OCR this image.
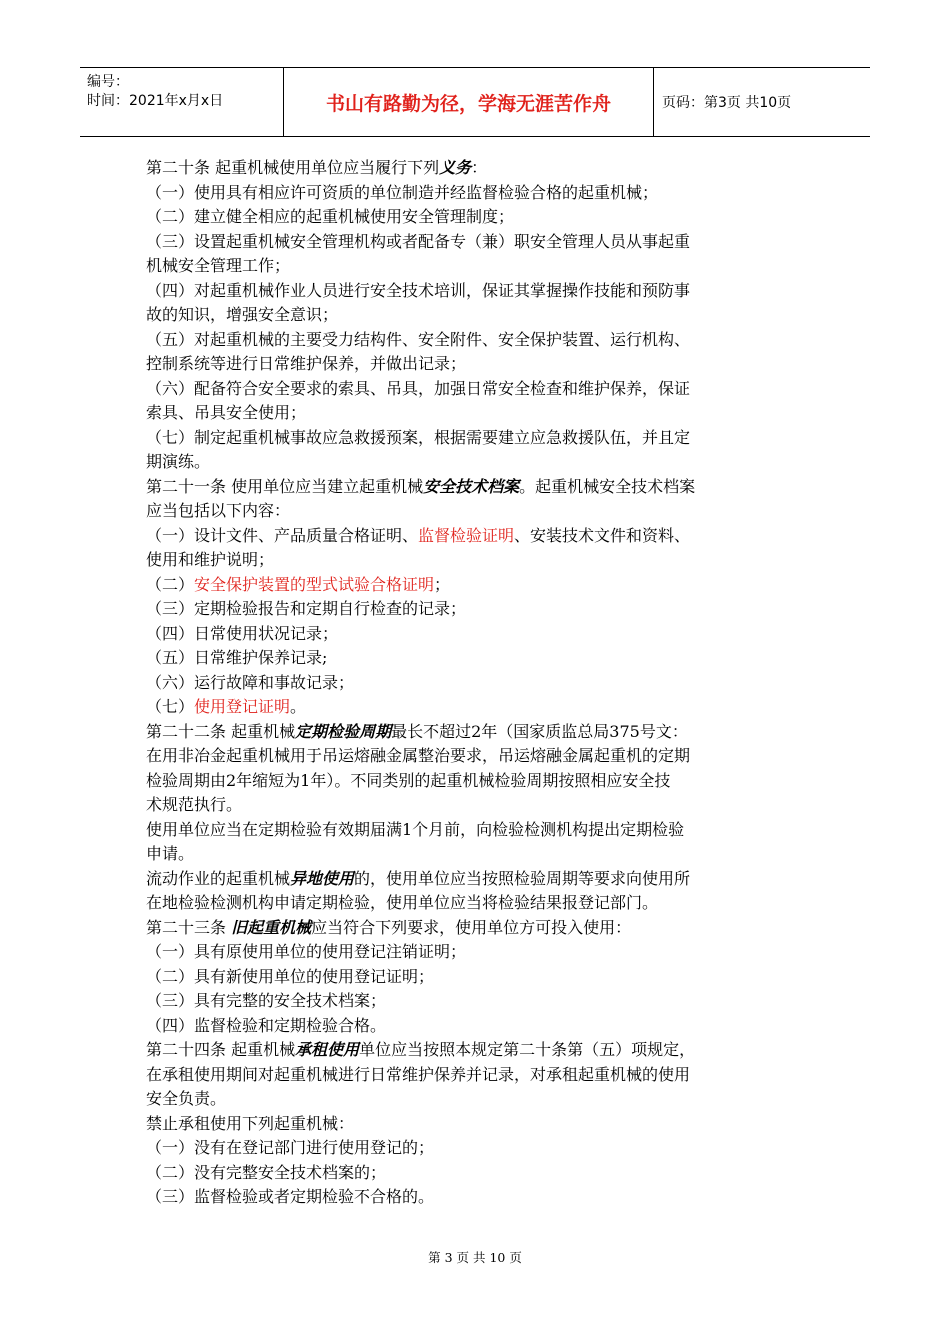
编号：
时间：2021年x月x日	书山有路勤为径，学海无涯苦作舟	页码：第3页 共10页

第二十条 起重机械使用单位应当履行下列义务：

（一）使用具有相应许可资质的单位制造并经监督检验合格的起重机械；

（二）建立健全相应的起重机械使用安全管理制度；

（三）设置起重机械安全管理机构或者配备专（兼）职安全管理人员从事起重

机械安全管理工作；

（四）对起重机械作业人员进行安全技术培训，保证其掌握操作技能和预防事

故的知识，增强安全意识；

（五）对起重机械的主要受力结构件、安全附件、安全保护装置、运行机构、

控制系统等进行日常维护保养，并做出记录；

（六）配备符合安全要求的索具、吊具，加强日常安全检查和维护保养，保证

索具、吊具安全使用；

（七）制定起重机械事故应急救援预案，根据需要建立应急救援队伍，并且定

期演练。

第二十一条 使用单位应当建立起重机械安全技术档案。起重机械安全技术档案

应当包括以下内容：

（一）设计文件、产品质量合格证明、监督检验证明、安装技术文件和资料、

使用和维护说明；

（二）安全保护装置的型式试验合格证明；

（三）定期检验报告和定期自行检查的记录；

（四）日常使用状况记录；

（五）日常维护保养记录;

（六）运行故障和事故记录；

（七）使用登记证明。

第二十二条 起重机械定期检验周期最长不超过2年（国家质监总局375号文：

在用非冶金起重机械用于吊运熔融金属整治要求，吊运熔融金属起重机的定期

检验周期由2年缩短为1年）。不同类别的起重机械检验周期按照相应安全技

术规范执行。

使用单位应当在定期检验有效期届满1个月前，向检验检测机构提出定期检验

申请。

流动作业的起重机械异地使用的，使用单位应当按照检验周期等要求向使用所

在地检验检测机构申请定期检验，使用单位应当将检验结果报登记部门。

第二十三条 旧起重机械应当符合下列要求，使用单位方可投入使用：

（一）具有原使用单位的使用登记注销证明；

（二）具有新使用单位的使用登记证明；

（三）具有完整的安全技术档案；

（四）监督检验和定期检验合格。

第二十四条 起重机械承租使用单位应当按照本规定第二十条第（五）项规定，

在承租使用期间对起重机械进行日常维护保养并记录，对承租起重机械的使用

安全负责。

禁止承租使用下列起重机械：

（一）没有在登记部门进行使用登记的；

（二）没有完整安全技术档案的；

（三）监督检验或者定期检验不合格的。

第 3 页 共 10 页
